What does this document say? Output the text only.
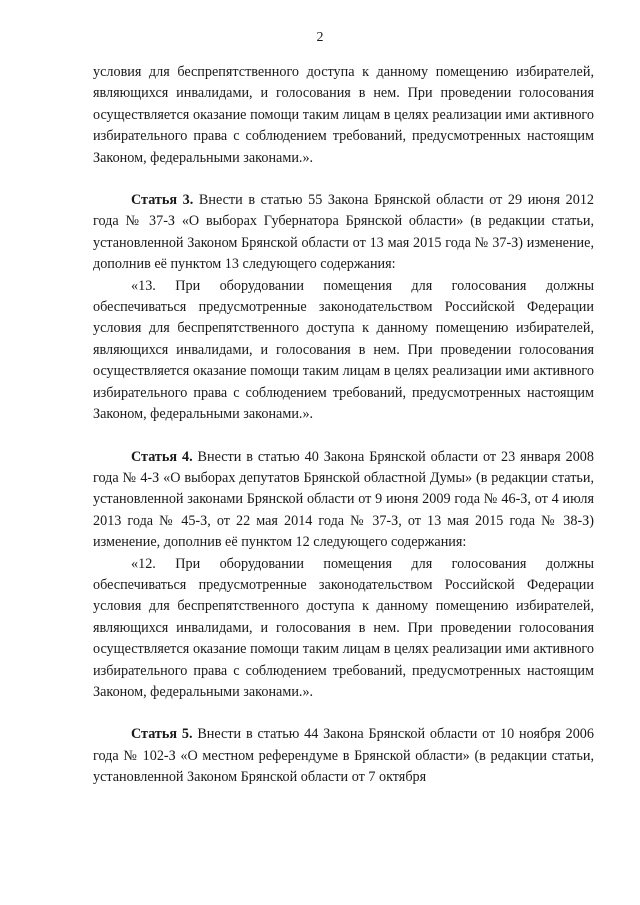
2

условия для беспрепятственного доступа к данному помещению избирателей, являющихся инвалидами, и голосования в нем. При проведении голосования осуществляется оказание помощи таким лицам в целях реализации ими активного избирательного права с соблюдением требований, предусмотренных настоящим Законом, федеральными законами.».

Статья 3. Внести в статью 55 Закона Брянской области от 29 июня 2012 года № 37-З «О выборах Губернатора Брянской области» (в редакции статьи, установленной Законом Брянской области от 13 мая 2015 года № 37-З) изменение, дополнив её пунктом 13 следующего содержания:

«13. При оборудовании помещения для голосования должны обеспечиваться предусмотренные законодательством Российской Федерации условия для беспрепятственного доступа к данному помещению избирателей, являющихся инвалидами, и голосования в нем. При проведении голосования осуществляется оказание помощи таким лицам в целях реализации ими активного избирательного права с соблюдением требований, предусмотренных настоящим Законом, федеральными законами.».

Статья 4. Внести в статью 40 Закона Брянской области от 23 января 2008 года № 4-З «О выборах депутатов Брянской областной Думы» (в редакции статьи, установленной законами Брянской области от 9 июня 2009 года № 46-З, от 4 июля 2013 года № 45-З, от 22 мая 2014 года № 37-З, от 13 мая 2015 года № 38-З) изменение, дополнив её пунктом 12 следующего содержания:

«12. При оборудовании помещения для голосования должны обеспечиваться предусмотренные законодательством Российской Федерации условия для беспрепятственного доступа к данному помещению избирателей, являющихся инвалидами, и голосования в нем. При проведении голосования осуществляется оказание помощи таким лицам в целях реализации ими активного избирательного права с соблюдением требований, предусмотренных настоящим Законом, федеральными законами.».

Статья 5. Внести в статью 44 Закона Брянской области от 10 ноября 2006 года № 102-З «О местном референдуме в Брянской области» (в редакции статьи, установленной Законом Брянской области от 7 октября
